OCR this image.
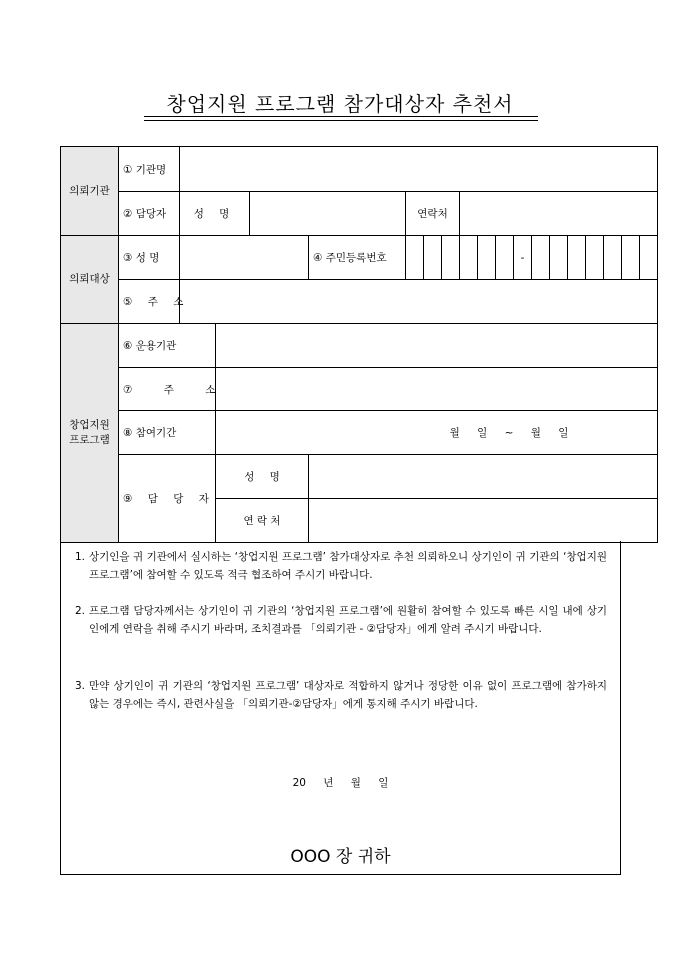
창업지원 프로그램 참가대상자 추천서
의뢰기관	① 기관명																		
	② 담당자	성 명				연락처													
의뢰대상	③ 성 명				④ 주민등록번호							-							
	⑤ 주 소																		
창업지원 프로그램	⑥ 운용기관																		
	⑦ 주 소																		
	⑧ 참여기간		월 일 ~ 월 일																
	⑨ 담 당 자		성 명																
			연 락 처																
1. 상기인을 귀 기관에서 실시하는 ‘창업지원 프로그램’ 참가대상자로 추천 의뢰하오니 상기인이 귀 기관의 ‘창업지원 프로그램’에 참여할 수 있도록 적극 협조하여 주시기 바랍니다.
2. 프로그램 담당자께서는 상기인이 귀 기관의 ‘창업지원 프로그램’에 원활히 참여할 수 있도록 빠른 시일 내에 상기인에게 연락을 취해 주시기 바라며, 조치결과를 「의뢰기관 - ②담당자」에게 알려 주시기 바랍니다.
3. 만약 상기인이 귀 기관의 ‘창업지원 프로그램’ 대상자로 적합하지 않거나 정당한 이유 없이 프로그램에 참가하지 않는 경우에는 즉시, 관련사실을 「의뢰기관-②담당자」에게 통지해 주시기 바랍니다.
20 년 월 일
OOO 장 귀하
